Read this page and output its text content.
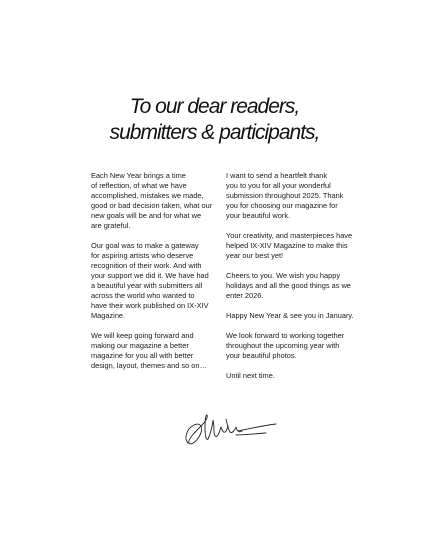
To our dear readers,
submitters & participants,
Each New Year brings a time
of reflection, of what we have
accomplished, mistakes we made,
good or bad decision taken, what our
new goals will be and for what we
are grateful.
Our goal was to make a gateway
for aspiring artists who deserve
recognition of their work. And with
your support we did it. We have had
a beautiful year with submitters all
across the world who wanted to
have their work published on IX-XIV
Magazine.
We will keep going forward and
making our magazine a better
magazine for you all with better
design, layout, themes and so on…
I want to send a heartfelt thank
you to you for all your wonderful
submission throughout 2025. Thank
you for choosing our magazine for
your beautiful work.
Your creativity, and masterpieces have
helped IX-XIV Magazine to make this
year our best yet!
Cheers to you. We wish you happy
holidays and all the good things as we
enter 2026.
Happy New Year & see you in January.
We look forward to working together
throughout the upcoming year with
your beautiful photos.
Until next time.
